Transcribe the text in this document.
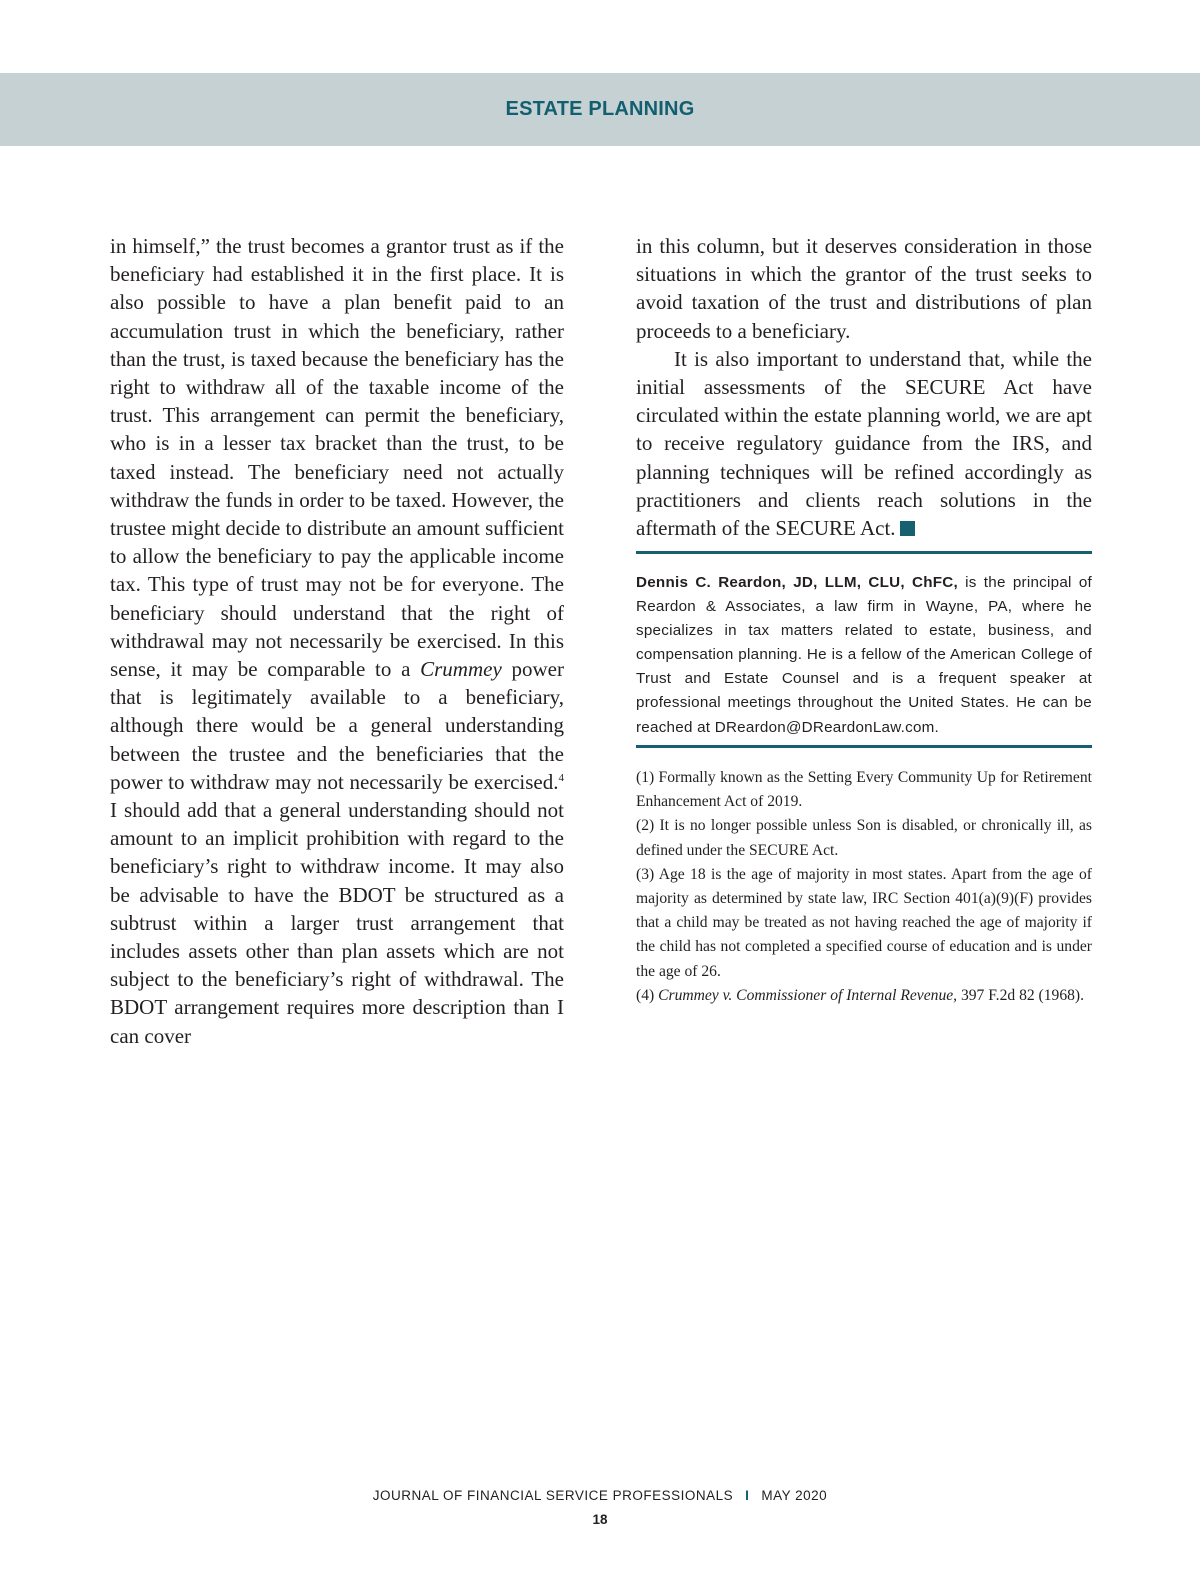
ESTATE PLANNING

in himself,” the trust becomes a grantor trust as if the beneficiary had established it in the first place. It is also possible to have a plan benefit paid to an accumulation trust in which the beneficiary, rather than the trust, is taxed because the beneficiary has the right to withdraw all of the taxable income of the trust. This arrangement can permit the beneficiary, who is in a lesser tax bracket than the trust, to be taxed instead. The beneficiary need not actually withdraw the funds in order to be taxed. However, the trustee might decide to distribute an amount sufficient to allow the beneficiary to pay the applicable income tax. This type of trust may not be for everyone. The beneficiary should understand that the right of withdrawal may not necessarily be exercised. In this sense, it may be comparable to a Crummey power that is legitimately available to a beneficiary, although there would be a general understanding between the trustee and the beneficiaries that the power to withdraw may not necessarily be exercised.$^4$ I should add that a general understanding should not amount to an implicit prohibition with regard to the beneficiary’s right to withdraw income. It may also be advisable to have the BDOT be structured as a subtrust within a larger trust arrangement that includes assets other than plan assets which are not subject to the beneficiary’s right of withdrawal. The BDOT arrangement requires more description than I can cover

in this column, but it deserves consideration in those situations in which the grantor of the trust seeks to avoid taxation of the trust and distributions of plan proceeds to a beneficiary.

It is also important to understand that, while the initial assessments of the SECURE Act have circulated within the estate planning world, we are apt to receive regulatory guidance from the IRS, and planning techniques will be refined accordingly as practitioners and clients reach solutions in the aftermath of the SECURE Act.

Dennis C. Reardon, JD, LLM, CLU, ChFC, is the principal of Reardon & Associates, a law firm in Wayne, PA, where he specializes in tax matters related to estate, business, and compensation planning. He is a fellow of the American College of Trust and Estate Counsel and is a frequent speaker at professional meetings throughout the United States. He can be reached at DReardon@DReardonLaw.com.
(1) Formally known as the Setting Every Community Up for Retirement Enhancement Act of 2019.
(2) It is no longer possible unless Son is disabled, or chronically ill, as defined under the SECURE Act.
(3) Age 18 is the age of majority in most states. Apart from the age of majority as determined by state law, IRC Section 401(a)(9)(F) provides that a child may be treated as not having reached the age of majority if the child has not completed a specified course of education and is under the age of 26.
(4) Crummey v. Commissioner of Internal Revenue, 397 F.2d 82 (1968).
JOURNAL OF FINANCIAL SERVICE PROFESSIONALS I MAY 2020
18
